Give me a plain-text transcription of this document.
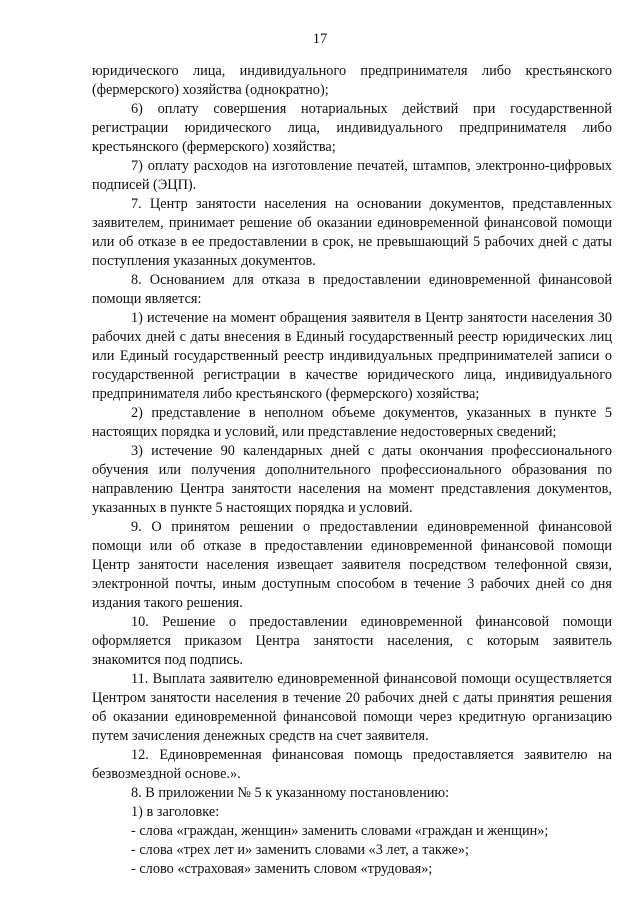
17

юридического лица, индивидуального предпринимателя либо крестьянского (фермерского) хозяйства (однократно);

6) оплату совершения нотариальных действий при государственной регистрации юридического лица, индивидуального предпринимателя либо крестьянского (фермерского) хозяйства;

7) оплату расходов на изготовление печатей, штампов, электронно-цифровых подписей (ЭЦП).

7. Центр занятости населения на основании документов, представленных заявителем, принимает решение об оказании единовременной финансовой помощи или об отказе в ее предоставлении в срок, не превышающий 5 рабочих дней с даты поступления указанных документов.

8. Основанием для отказа в предоставлении единовременной финансовой помощи является:

1) истечение на момент обращения заявителя в Центр занятости населения 30 рабочих дней с даты внесения в Единый государственный реестр юридических лиц или Единый государственный реестр индивидуальных предпринимателей записи о государственной регистрации в качестве юридического лица, индивидуального предпринимателя либо крестьянского (фермерского) хозяйства;

2) представление в неполном объеме документов, указанных в пункте 5 настоящих порядка и условий, или представление недостоверных сведений;

3) истечение 90 календарных дней с даты окончания профессионального обучения или получения дополнительного профессионального образования по направлению Центра занятости населения на момент представления документов, указанных в пункте 5 настоящих порядка и условий.

9. О принятом решении о предоставлении единовременной финансовой помощи или об отказе в предоставлении единовременной финансовой помощи Центр занятости населения извещает заявителя посредством телефонной связи, электронной почты, иным доступным способом в течение 3 рабочих дней со дня издания такого решения.

10. Решение о предоставлении единовременной финансовой помощи оформляется приказом Центра занятости населения, с которым заявитель знакомится под подпись.

11. Выплата заявителю единовременной финансовой помощи осуществляется Центром занятости населения в течение 20 рабочих дней с даты принятия решения об оказании единовременной финансовой помощи через кредитную организацию путем зачисления денежных средств на счет заявителя.

12. Единовременная финансовая помощь предоставляется заявителю на безвозмездной основе.».

8. В приложении № 5 к указанному постановлению:

1) в заголовке:

- слова «граждан, женщин» заменить словами «граждан и женщин»;

- слова «трех лет и» заменить словами «3 лет, а также»;

- слово «страховая» заменить словом «трудовая»;
